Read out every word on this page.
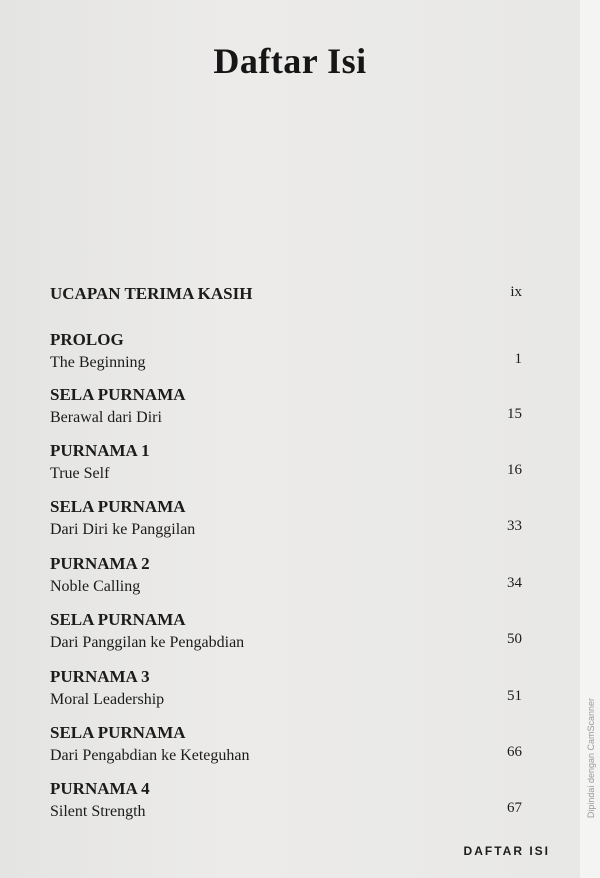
Daftar Isi
UCAPAN TERIMA KASIH	ix
PROLOG
The Beginning	1
SELA PURNAMA
Berawal dari Diri	15
PURNAMA 1
True Self	16
SELA PURNAMA
Dari Diri ke Panggilan	33
PURNAMA 2
Noble Calling	34
SELA PURNAMA
Dari Panggilan ke Pengabdian	50
PURNAMA 3
Moral Leadership	51
SELA PURNAMA
Dari Pengabdian ke Keteguhan	66
PURNAMA 4
Silent Strength	67
DAFTAR ISI
Dipindai dengan CamScanner
